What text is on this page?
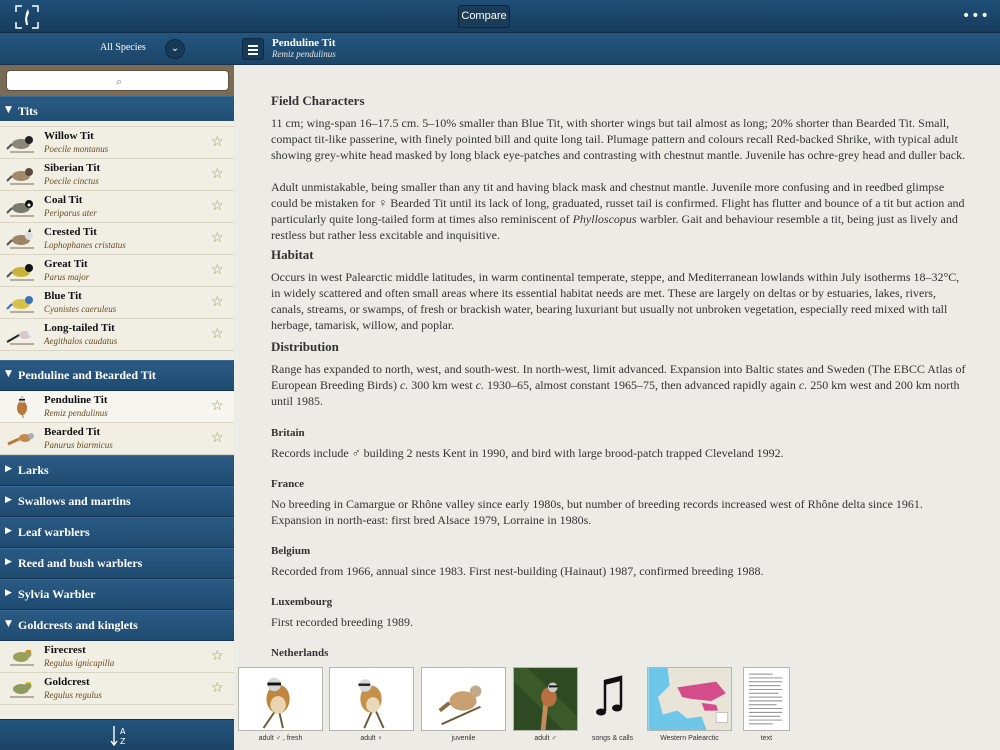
Compare	•••
All Species	⌄
⌕
▼ Tits
Willow Tit
Poecile montanus	☆
Siberian Tit
Poecile cinctus	☆
Coal Tit
Periparus ater	☆
Crested Tit
Lophophanes cristatus	☆
Great Tit
Parus major	☆
Blue Tit
Cyanistes caeruleus	☆
Long-tailed Tit
Aegithalos caudatus	☆
▼ Penduline and Bearded Tit
Penduline Tit
Remiz pendulinus	☆
Bearded Tit
Panurus biarmicus	☆
▶ Larks
▶ Swallows and martins
▶ Leaf warblers
▶ Reed and bush warblers
▶ Sylvia Warbler
▼ Goldcrests and kinglets
Firecrest
Regulus ignicapilla	☆
Goldcrest
Regulus regulus	☆
A
Z
Penduline Tit
Remiz pendulinus
Field Characters

11 cm; wing-span 16–17.5 cm. 5–10% smaller than Blue Tit, with shorter wings but tail almost as long; 20% shorter than Bearded Tit. Small, compact tit-like passerine, with finely pointed bill and quite long tail. Plumage pattern and colours recall Red-backed Shrike, with typical adult showing grey-white head masked by long black eye-patches and contrasting with chestnut mantle. Juvenile has ochre-grey head and duller back.

Adult unmistakable, being smaller than any tit and having black mask and chestnut mantle. Juvenile more confusing and in reedbed glimpse could be mistaken for ♀ Bearded Tit until its lack of long, graduated, russet tail is confirmed. Flight has flutter and bounce of a tit but action and particularly quite long-tailed form at times also reminiscent of Phylloscopus warbler. Gait and behaviour resemble a tit, being just as lively and restless but rather less excitable and inquisitive.

Habitat

Occurs in west Palearctic middle latitudes, in warm continental temperate, steppe, and Mediterranean lowlands within July isotherms 18–32°C, in widely scattered and often small areas where its essential habitat needs are met. These are largely on deltas or by estuaries, lakes, rivers, canals, streams, or swamps, of fresh or brackish water, bearing luxuriant but usually not unbroken vegetation, especially reed mixed with tall herbage, tamarisk, willow, and poplar.

Distribution

Range has expanded to north, west, and south-west. In north-west, limit advanced. Expansion into Baltic states and Sweden (The EBCC Atlas of European Breeding Birds) c. 300 km west c. 1930–65, almost constant 1965–75, then advanced rapidly again c. 250 km west and 200 km north until 1985.

Britain

Records include ♂ building 2 nests Kent in 1990, and bird with large brood-patch trapped Cleveland 1992.

France

No breeding in Camargue or Rhône valley since early 1980s, but number of breeding records increased west of Rhône delta since 1961. Expansion in north-east: first bred Alsace 1979, Lorraine in 1980s.

Belgium

Recorded from 1966, annual since 1983. First nest-building (Hainaut) 1987, confirmed breeding 1988.

Luxembourg

First recorded breeding 1989.

Netherlands
adult ♂ , fresh	adult ♀	juvenile	adult ♂	songs & calls	Western Palearctic	text
